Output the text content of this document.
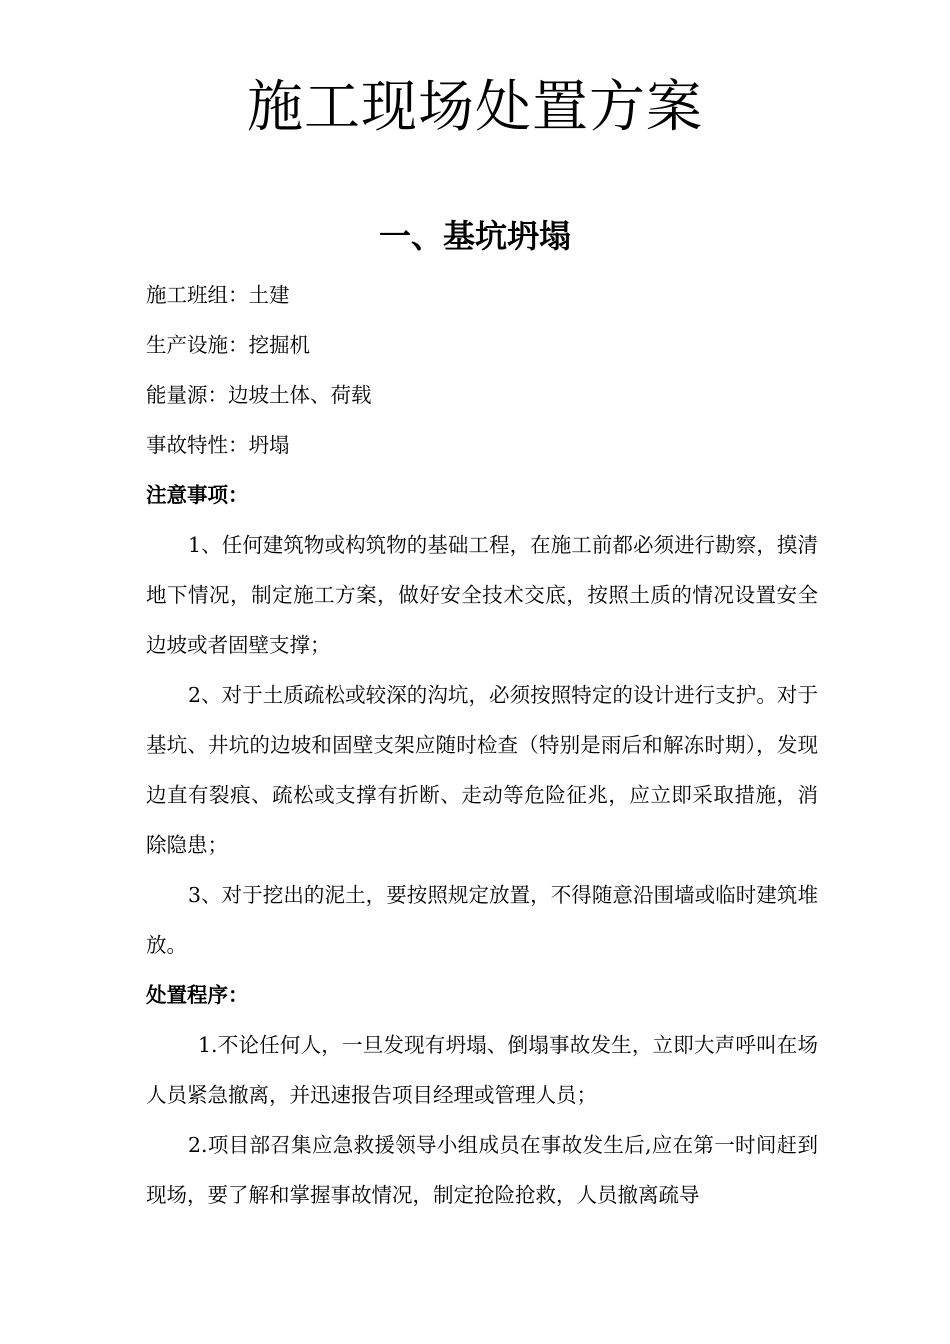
施工现场处置方案
一、基坑坍塌

施工班组：土建

生产设施：挖掘机

能量源：边坡土体、荷载

事故特性：坍塌

注意事项：

1、任何建筑物或构筑物的基础工程，在施工前都必须进行勘察，摸清地下情况，制定施工方案，做好安全技术交底，按照土质的情况设置安全边坡或者固壁支撑；

2、对于土质疏松或较深的沟坑，必须按照特定的设计进行支护。对于基坑、井坑的边坡和固壁支架应随时检查（特别是雨后和解冻时期），发现边直有裂痕、疏松或支撑有折断、走动等危险征兆，应立即采取措施，消除隐患；

3、对于挖出的泥土，要按照规定放置，不得随意沿围墙或临时建筑堆放。

处置程序：

1.不论任何人，一旦发现有坍塌、倒塌事故发生，立即大声呼叫在场人员紧急撤离，并迅速报告项目经理或管理人员；

2.项目部召集应急救援领导小组成员在事故发生后,应在第一时间赶到现场，要了解和掌握事故情况，制定抢险抢救，人员撤离疏导
